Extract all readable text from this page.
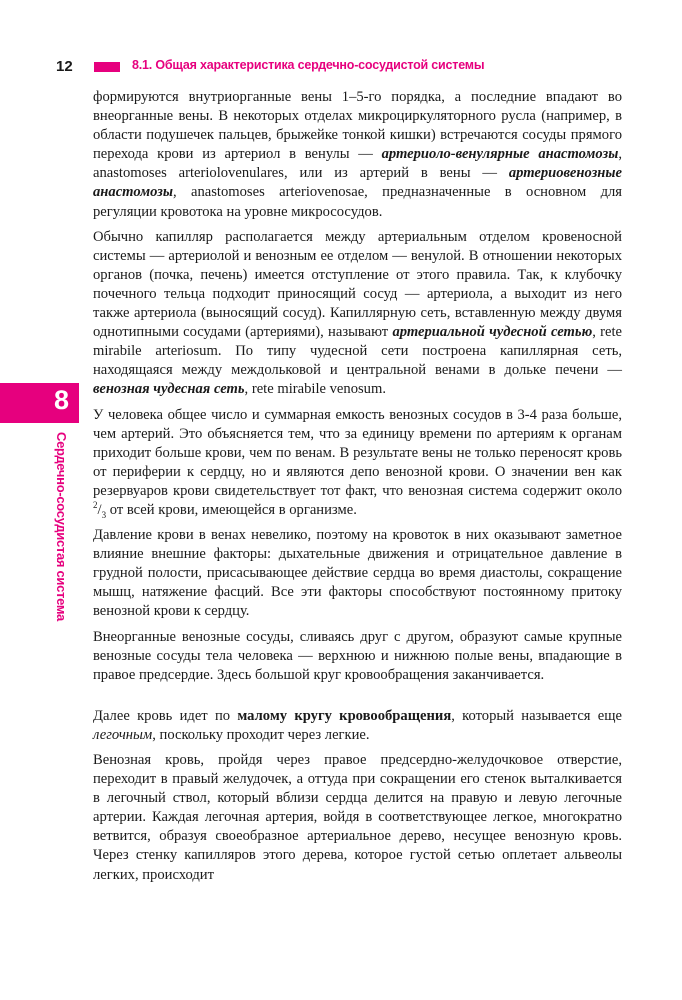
12	8.1. Общая характеристика сердечно-сосудистой системы
8
Сердечно-сосудистая система

формируются внутриорганные вены 1–5-го порядка, а последние впадают во внеорганные вены. В некоторых отделах микроциркуляторного русла (например, в области подушечек пальцев, брыжейке тонкой кишки) встречаются сосуды прямого перехода крови из артериол в венулы — артериоло-венулярные анастомозы, anastomoses arteriolovenulares, или из артерий в вены — артериовенозные анастомозы, anastomoses arteriovenosae, предназначенные в основном для регуляции кровотока на уровне микрососудов.

Обычно капилляр располагается между артериальным отделом кровеносной системы — артериолой и венозным ее отделом — венулой. В отношении некоторых органов (почка, печень) имеется отступление от этого правила. Так, к клубочку почечного тельца подходит приносящий сосуд — артериола, а выходит из него также артериола (выносящий сосуд). Капиллярную сеть, вставленную между двумя однотипными сосудами (артериями), называют артериальной чудесной сетью, rete mirabile arteriosum. По типу чудесной сети построена капиллярная сеть, находящаяся между междольковой и центральной венами в дольке печени — венозная чудесная сеть, rete mirabile venosum.

У человека общее число и суммарная емкость венозных сосудов в 3-4 раза больше, чем артерий. Это объясняется тем, что за единицу времени по артериям к органам приходит больше крови, чем по венам. В результате вены не только переносят кровь от периферии к сердцу, но и являются депо венозной крови. О значении вен как резервуаров крови свидетельствует тот факт, что венозная система содержит около $^2/_3$ от всей крови, имеющейся в организме.

Давление крови в венах невелико, поэтому на кровоток в них оказывают заметное влияние внешние факторы: дыхательные движения и отрицательное давление в грудной полости, присасывающее действие сердца во время диастолы, сокращение мышц, натяжение фасций. Все эти факторы способствуют постоянному притоку венозной крови к сердцу.

Внеорганные венозные сосуды, сливаясь друг с другом, образуют самые крупные венозные сосуды тела человека — верхнюю и нижнюю полые вены, впадающие в правое предсердие. Здесь большой круг кровообращения заканчивается.

Далее кровь идет по малому кругу кровообращения, который называется еще легочным, поскольку проходит через легкие.

Венозная кровь, пройдя через правое предсердно-желудочковое отверстие, переходит в правый желудочек, а оттуда при сокращении его стенок выталкивается в легочный ствол, который вблизи сердца делится на правую и левую легочные артерии. Каждая легочная артерия, войдя в соответствующее легкое, многократно ветвится, образуя своеобразное артериальное дерево, несущее венозную кровь. Через стенку капилляров этого дерева, которое густой сетью оплетает альвеолы легких, происходит
